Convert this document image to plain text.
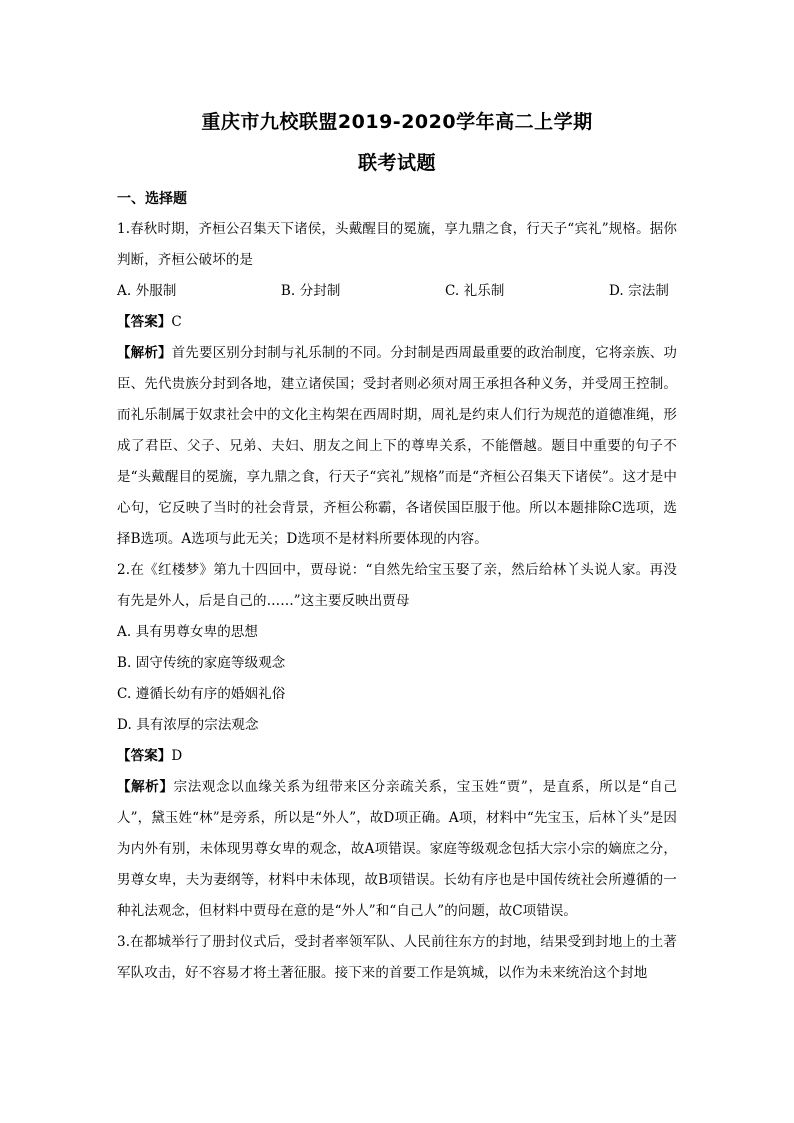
重庆市九校联盟2019-2020学年高二上学期
联考试题
一、选择题

1.春秋时期，齐桓公召集天下诸侯，头戴醒目的冕旒，享九鼎之食，行天子“宾礼”规格。据你判断，齐桓公破坏的是

A. 外服制	B. 分封制	C. 礼乐制	D. 宗法制

【答案】C

【解析】首先要区别分封制与礼乐制的不同。分封制是西周最重要的政治制度，它将亲族、功臣、先代贵族分封到各地，建立诸侯国；受封者则必须对周王承担各种义务，并受周王控制。而礼乐制属于奴隶社会中的文化主构架在西周时期，周礼是约束人们行为规范的道德准绳，形成了君臣、父子、兄弟、夫妇、朋友之间上下的尊卑关系，不能僭越。题目中重要的句子不是“头戴醒目的冕旒，享九鼎之食，行天子“宾礼”规格”而是“齐桓公召集天下诸侯”。这才是中心句，它反映了当时的社会背景，齐桓公称霸，各诸侯国臣服于他。所以本题排除C选项，选择B选项。A选项与此无关；D选项不是材料所要体现的内容。

2.在《红楼梦》第九十四回中，贾母说：“自然先给宝玉娶了亲，然后给林丫头说人家。再没有先是外人，后是自己的……”这主要反映出贾母

A. 具有男尊女卑的思想

B. 固守传统的家庭等级观念

C. 遵循长幼有序的婚姻礼俗

D. 具有浓厚的宗法观念

【答案】D

【解析】宗法观念以血缘关系为纽带来区分亲疏关系，宝玉姓“贾”，是直系，所以是“自己人”，黛玉姓“林”是旁系，所以是“外人”，故D项正确。A项，材料中“先宝玉，后林丫头”是因为内外有别，未体现男尊女卑的观念，故A项错误。家庭等级观念包括大宗小宗的嫡庶之分，男尊女卑，夫为妻纲等，材料中未体现，故B项错误。长幼有序也是中国传统社会所遵循的一种礼法观念，但材料中贾母在意的是“外人”和“自己人”的问题，故C项错误。

3.在都城举行了册封仪式后，受封者率领军队、人民前往东方的封地，结果受到封地上的土著军队攻击，好不容易才将土著征服。接下来的首要工作是筑城，以作为未来统治这个封地
